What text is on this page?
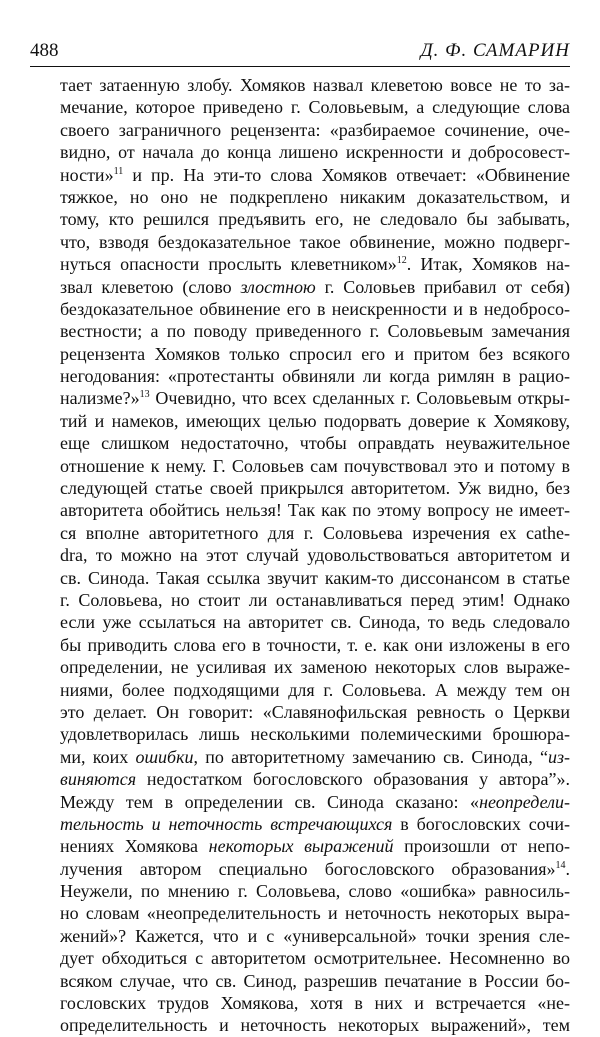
488	Д. Ф. САМАРИН
тает затаенную злобу. Хомяков назвал клеветою вовсе не то за-
мечание, которое приведено г. Соловьевым, а следующие слова
своего заграничного рецензента: «разбираемое сочинение, оче-
видно, от начала до конца лишено искренности и добросовест-
ности»$^{11}$ и пр. На эти-то слова Хомяков отвечает: «Обвинение
тяжкое, но оно не подкреплено никаким доказательством, и
тому, кто решился предъявить его, не следовало бы забывать,
что, взводя бездоказательное такое обвинение, можно подверг-
нуться опасности прослыть клеветником»$^{12}$. Итак, Хомяков на-
звал клеветою (слово злостною г. Соловьев прибавил от себя)
бездоказательное обвинение его в неискренности и в недобросо-
вестности; а по поводу приведенного г. Соловьевым замечания
рецензента Хомяков только спросил его и притом без всякого
негодования: «протестанты обвиняли ли когда римлян в рацио-
нализме?»$^{13}$ Очевидно, что всех сделанных г. Соловьевым откры-
тий и намеков, имеющих целью подорвать доверие к Хомякову,
еще слишком недостаточно, чтобы оправдать неуважительное
отношение к нему. Г. Соловьев сам почувствовал это и потому в
следующей статье своей прикрылся авторитетом. Уж видно, без
авторитета обойтись нельзя! Так как по этому вопросу не имеет-
ся вполне авторитетного для г. Соловьева изречения ex cathe-
dra, то можно на этот случай удовольствоваться авторитетом и
св. Синода. Такая ссылка звучит каким-то диссонансом в статье
г. Соловьева, но стоит ли останавливаться перед этим! Однако
если уже ссылаться на авторитет св. Синода, то ведь следовало
бы приводить слова его в точности, т. е. как они изложены в его
определении, не усиливая их заменою некоторых слов выраже-
ниями, более подходящими для г. Соловьева. А между тем он
это делает. Он говорит: «Славянофильская ревность о Церкви
удовлетворилась лишь несколькими полемическими брошюра-
ми, коих ошибки, по авторитетному замечанию св. Синода, “из-
виняются недостатком богословского образования у автора”».
Между тем в определении св. Синода сказано: «неопредели-
тельность и неточность встречающихся в богословских сочи-
нениях Хомякова некоторых выражений произошли от непо-
лучения автором специально богословского образования»$^{14}$.
Неужели, по мнению г. Соловьева, слово «ошибка» равносиль-
но словам «неопределительность и неточность некоторых выра-
жений»? Кажется, что и с «универсальной» точки зрения сле-
дует обходиться с авторитетом осмотрительнее. Несомненно во
всяком случае, что св. Синод, разрешив печатание в России бо-
гословских трудов Хомякова, хотя в них и встречается «не-
определительность и неточность некоторых выражений», тем
